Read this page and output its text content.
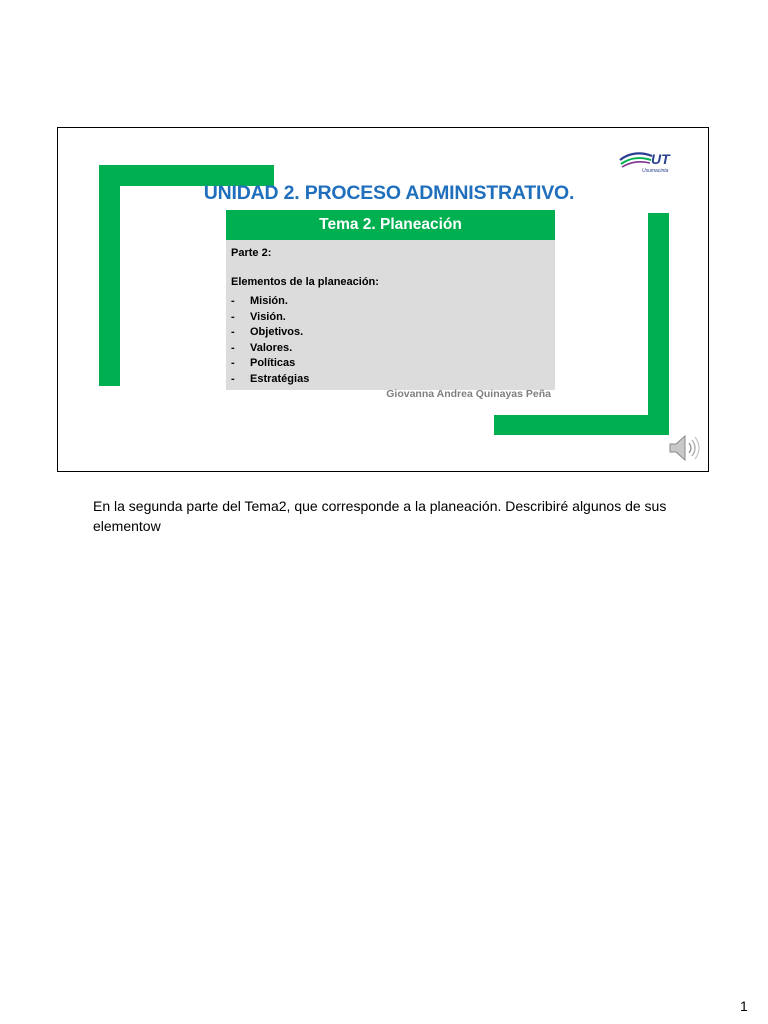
UT
Usumacinta
UNIDAD 2. PROCESO ADMINISTRATIVO.
Tema 2. Planeación
Parte 2:
Elementos de la planeación:
-	Misión.
-	Visión.
-	Objetivos.
-	Valores.
-	Políticas
-	Estratégias
Giovanna Andrea Quinayas Peña
En la segunda parte del Tema2, que corresponde a la planeación. Describiré algunos de sus elementow
1
